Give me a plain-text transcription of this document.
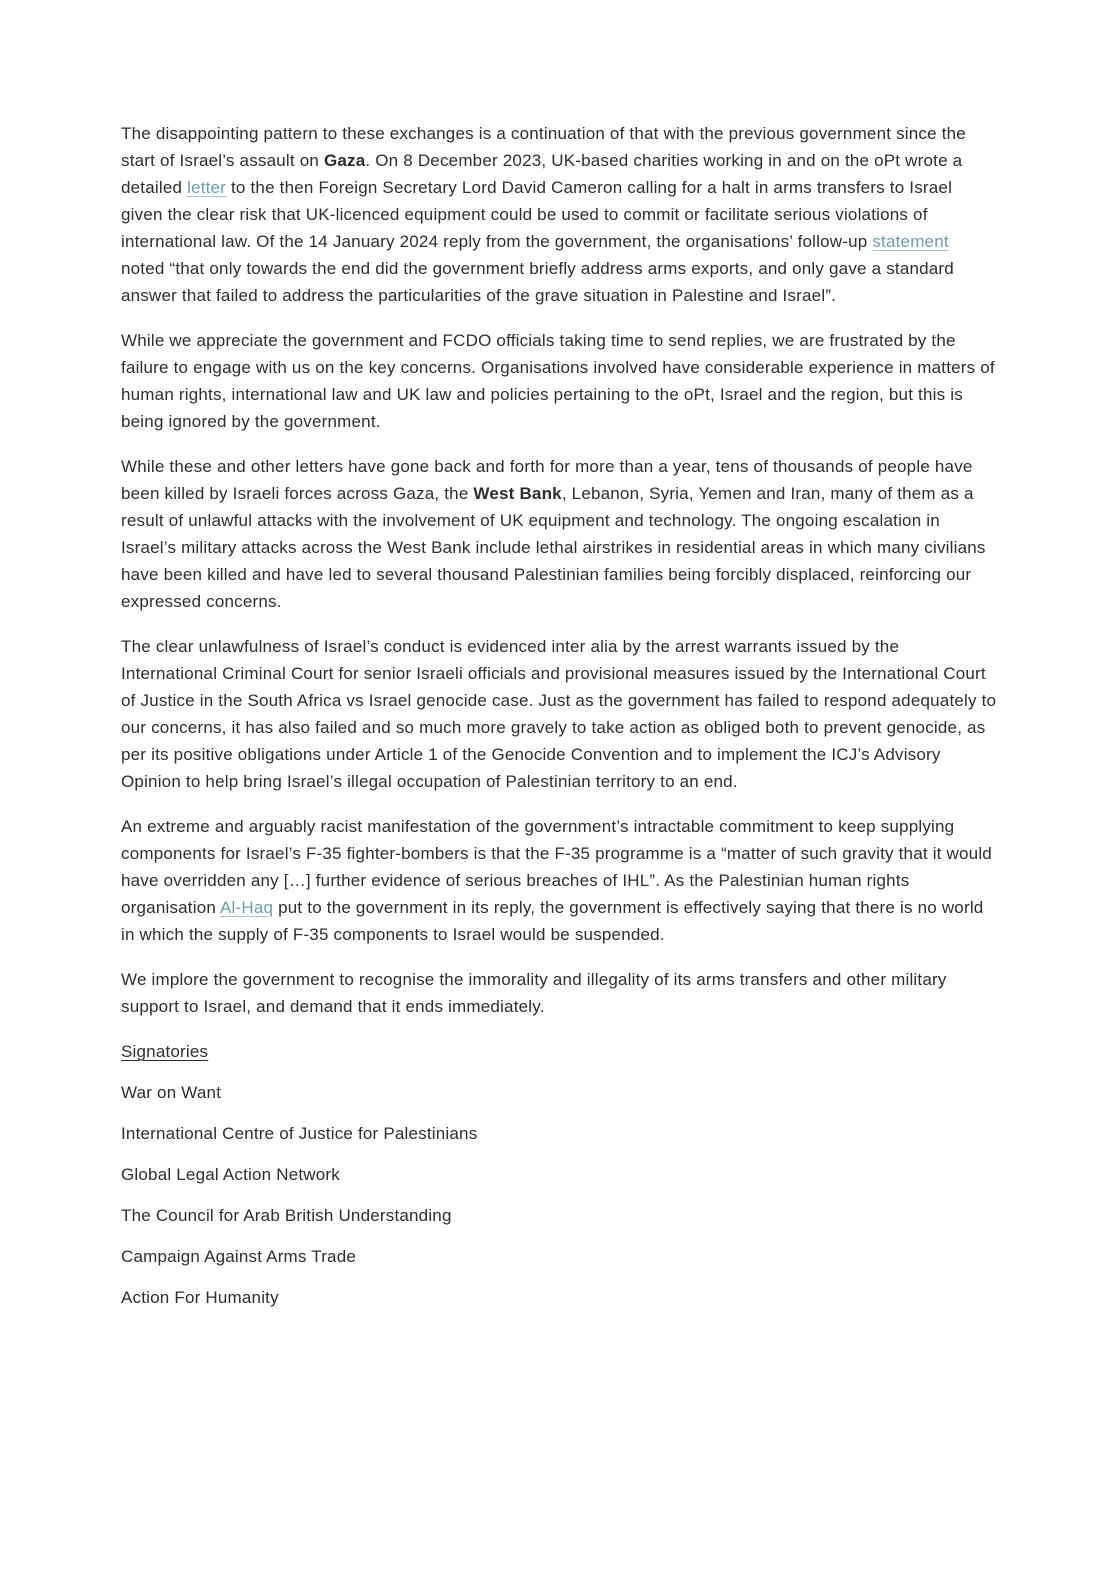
The disappointing pattern to these exchanges is a continuation of that with the previous government since the start of Israel’s assault on Gaza. On 8 December 2023, UK-based charities working in and on the oPt wrote a detailed letter to the then Foreign Secretary Lord David Cameron calling for a halt in arms transfers to Israel given the clear risk that UK-licenced equipment could be used to commit or facilitate serious violations of international law. Of the 14 January 2024 reply from the government, the organisations’ follow-up statement noted “that only towards the end did the government briefly address arms exports, and only gave a standard answer that failed to address the particularities of the grave situation in Palestine and Israel”.

While we appreciate the government and FCDO officials taking time to send replies, we are frustrated by the failure to engage with us on the key concerns. Organisations involved have considerable experience in matters of human rights, international law and UK law and policies pertaining to the oPt, Israel and the region, but this is being ignored by the government.

While these and other letters have gone back and forth for more than a year, tens of thousands of people have been killed by Israeli forces across Gaza, the West Bank, Lebanon, Syria, Yemen and Iran, many of them as a result of unlawful attacks with the involvement of UK equipment and technology. The ongoing escalation in Israel’s military attacks across the West Bank include lethal airstrikes in residential areas in which many civilians have been killed and have led to several thousand Palestinian families being forcibly displaced, reinforcing our expressed concerns.

The clear unlawfulness of Israel’s conduct is evidenced inter alia by the arrest warrants issued by the International Criminal Court for senior Israeli officials and provisional measures issued by the International Court of Justice in the South Africa vs Israel genocide case. Just as the government has failed to respond adequately to our concerns, it has also failed and so much more gravely to take action as obliged both to prevent genocide, as per its positive obligations under Article 1 of the Genocide Convention and to implement the ICJ’s Advisory Opinion to help bring Israel’s illegal occupation of Palestinian territory to an end.

An extreme and arguably racist manifestation of the government’s intractable commitment to keep supplying components for Israel’s F-35 fighter-bombers is that the F-35 programme is a “matter of such gravity that it would have overridden any […] further evidence of serious breaches of IHL”. As the Palestinian human rights organisation Al-Haq put to the government in its reply, the government is effectively saying that there is no world in which the supply of F-35 components to Israel would be suspended.

We implore the government to recognise the immorality and illegality of its arms transfers and other military support to Israel, and demand that it ends immediately.

Signatories

War on Want

International Centre of Justice for Palestinians

Global Legal Action Network

The Council for Arab British Understanding

Campaign Against Arms Trade

Action For Humanity
